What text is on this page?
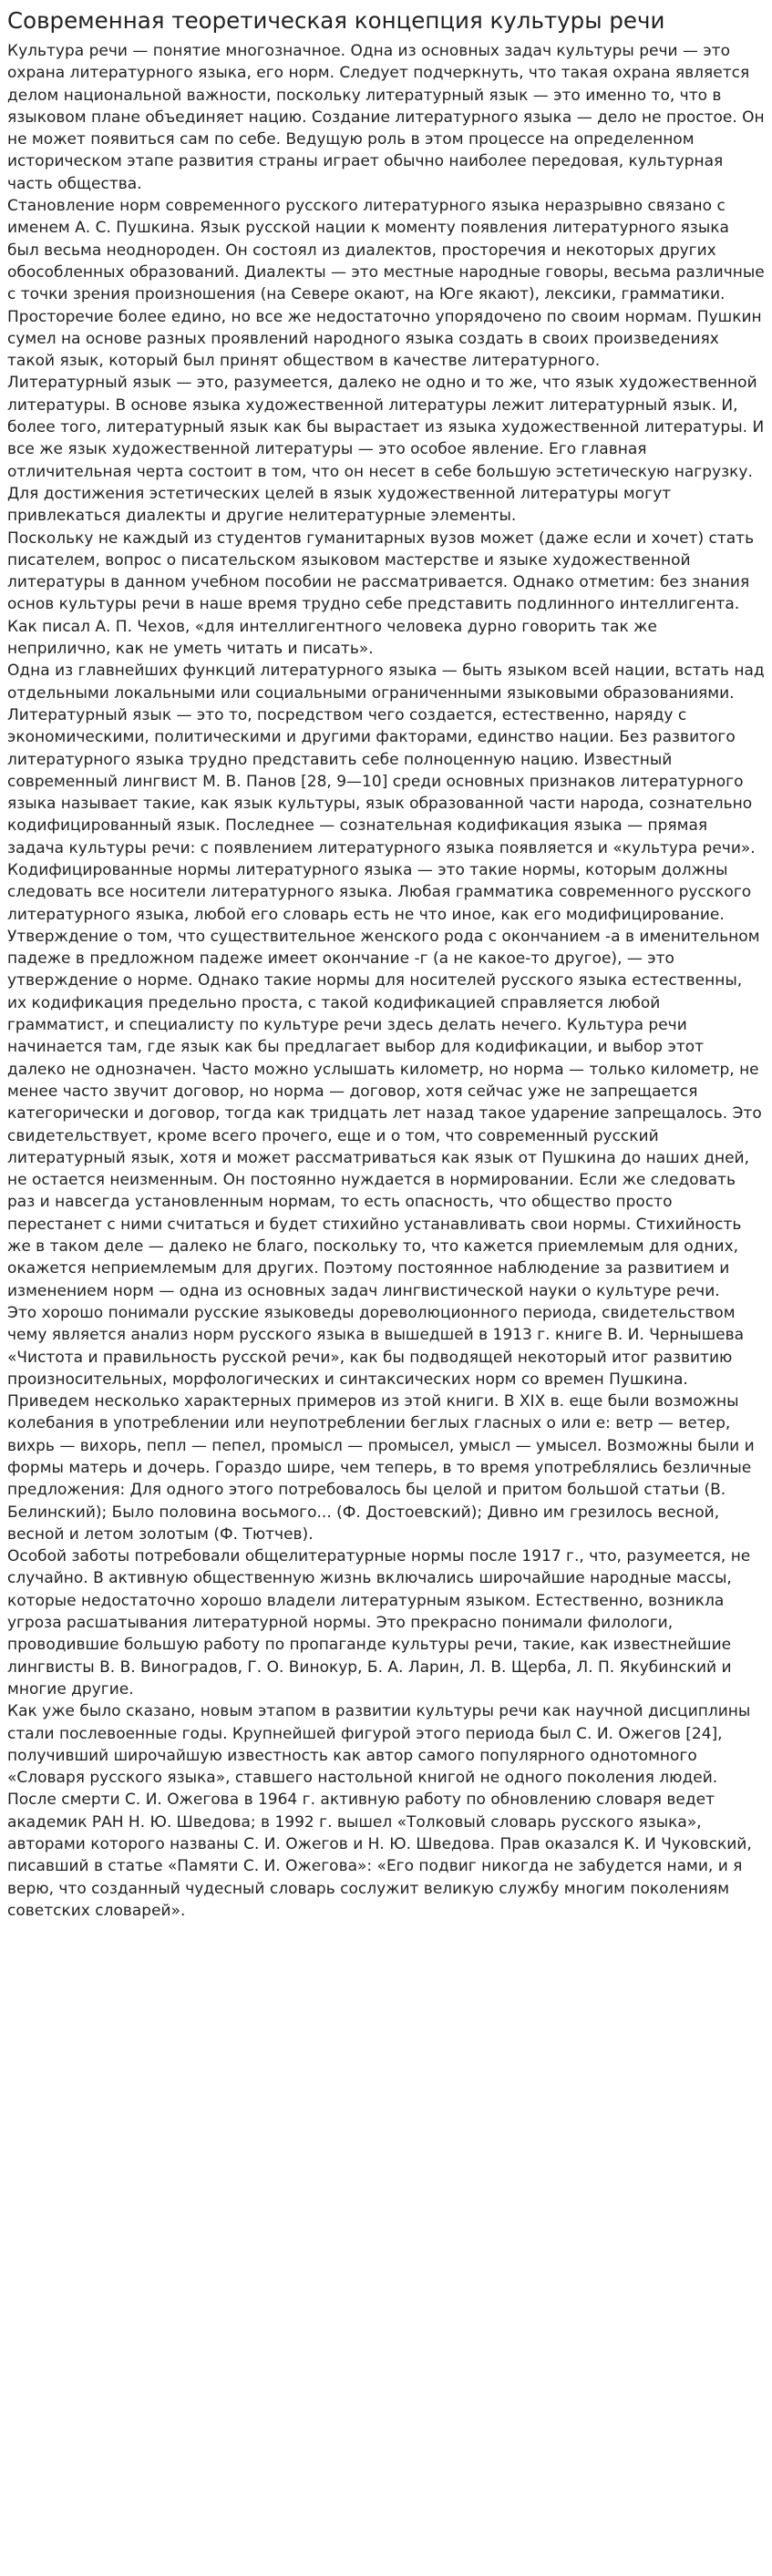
Современная теоретическая концепция культуры речи

Культура речи — понятие многозначное. Одна из основных задач культуры речи — это охрана литературного языка, его норм. Следует подчеркнуть, что такая охрана является делом национальной важности, поскольку литературный язык — это именно то, что в языковом плане объединяет нацию. Создание литературного языка — дело не простое. Он не может появиться сам по себе. Ведущую роль в этом процессе на определенном историческом этапе развития страны играет обычно наиболее передовая, культурная часть общества.

Становление норм современного русского литературного языка неразрывно связано с именем А. С. Пушкина. Язык русской нации к моменту появления литературного языка был весьма неоднороден. Он состоял из диалектов, просторечия и некоторых других обособленных образований. Диалекты — это местные народные говоры, весьма различные с точки зрения произношения (на Севере окают, на Юге якают), лексики, грамматики. Просторечие более едино, но все же недостаточно упорядочено по своим нормам. Пушкин сумел на основе разных проявлений народного языка создать в своих произведениях такой язык, который был принят обществом в качестве литературного.

Литературный язык — это, разумеется, далеко не одно и то же, что язык художественной литературы. В основе языка художественной литературы лежит литературный язык. И, более того, литературный язык как бы вырастает из языка художественной литературы. И все же язык художественной литературы — это особое явление. Его главная отличительная черта состоит в том, что он несет в себе большую эстетическую нагрузку. Для достижения эстетических целей в язык художественной литературы могут привлекаться диалекты и другие нелитературные элементы.

Поскольку не каждый из студентов гуманитарных вузов может (даже если и хочет) стать писателем, вопрос о писательском языковом мастерстве и языке художественной литературы в данном учебном пособии не рассматривается. Однако отметим: без знания основ культуры речи в наше время трудно себе представить подлинного интеллигента. Как писал А. П. Чехов, «для интеллигентного человека дурно говорить так же неприлично, как не уметь читать и писать».

Одна из главнейших функций литературного языка — быть языком всей нации, встать над отдельными локальными или социальными ограниченными языковыми образованиями. Литературный язык — это то, посредством чего создается, естественно, наряду с экономическими, политическими и другими факторами, единство нации. Без развитого литературного языка трудно представить себе полноценную нацию. Известный современный лингвист М. В. Панов [28, 9—10] среди основных признаков литературного языка называет такие, как язык культуры, язык образованной части народа, сознательно кодифицированный язык. Последнее — сознательная кодификация языка — прямая задача культуры речи: с появлением литературного языка появляется и «культура речи».

Кодифицированные нормы литературного языка — это такие нормы, которым должны следовать все носители литературного языка. Любая грамматика современного русского литературного языка, любой его словарь есть не что иное, как его модифицирование. Утверждение о том, что существительное женского рода с окончанием -а в именительном падеже в предложном падеже имеет окончание -г (а не какое-то другое), — это утверждение о норме. Однако такие нормы для носителей русского языка естественны, их кодификация предельно проста, с такой кодификацией справляется любой грамматист, и специалисту по культуре речи здесь делать нечего. Культура речи начинается там, где язык как бы предлагает выбор для кодификации, и выбор этот далеко не однозначен. Часто можно услышать километр, но норма — только километр, не менее часто звучит договор, но норма — договор, хотя сейчас уже не запрещается категорически и договор, тогда как тридцать лет назад такое ударение запрещалось. Это свидетельствует, кроме всего прочего, еще и о том, что современный русский литературный язык, хотя и может рассматриваться как язык от Пушкина до наших дней, не остается неизменным. Он постоянно нуждается в нормировании. Если же следовать раз и навсегда установленным нормам, то есть опасность, что общество просто перестанет с ними считаться и будет стихийно устанавливать свои нормы. Стихийность же в таком деле — далеко не благо, поскольку то, что кажется приемлемым для одних, окажется неприемлемым для других. Поэтому постоянное наблюдение за развитием и изменением норм — одна из основных задач лингвистической науки о культуре речи.

Это хорошо понимали русские языковеды дореволюционного периода, свидетельством чему является анализ норм русского языка в вышедшей в 1913 г. книге В. И. Чернышева «Чистота и правильность русской речи», как бы подводящей некоторый итог развитию произносительных, морфологических и синтаксических норм со времен Пушкина. Приведем несколько характерных примеров из этой книги. В XIX в. еще были возможны колебания в употреблении или неупотреблении беглых гласных о или е: ветр — ветер, вихрь — вихорь, пепл — пепел, промысл — промысел, умысл — умысел. Возможны были и формы матерь и дочерь. Гораздо шире, чем теперь, в то время употреблялись безличные предложения: Для одного этого потребовалось бы целой и притом большой статьи (В. Белинский); Было половина восьмого... (Ф. Достоевский); Дивно им грезилось весной, весной и летом золотым (Ф. Тютчев).

Особой заботы потребовали общелитературные нормы после 1917 г., что, разумеется, не случайно. В активную общественную жизнь включались широчайшие народные массы, которые недостаточно хорошо владели литературным языком. Естественно, возникла угроза расшатывания литературной нормы. Это прекрасно понимали филологи, проводившие большую работу по пропаганде культуры речи, такие, как известнейшие лингвисты В. В. Виноградов, Г. О. Винокур, Б. А. Ларин, Л. В. Щерба, Л. П. Якубинский и многие другие.

Как уже было сказано, новым этапом в развитии культуры речи как научной дисциплины стали послевоенные годы. Крупнейшей фигурой этого периода был С. И. Ожегов [24], получивший широчайшую известность как автор самого популярного однотомного «Словаря русского языка», ставшего настольной книгой не одного поколения людей. После смерти С. И. Ожегова в 1964 г. активную работу по обновлению словаря ведет академик РАН Н. Ю. Шведова; в 1992 г. вышел «Толковый словарь русского языка», авторами которого названы С. И. Ожегов и Н. Ю. Шведова. Прав оказался К. И Чуковский, писавший в статье «Памяти С. И. Ожегова»: «Его подвиг никогда не забудется нами, и я верю, что созданный чудесный словарь сослужит великую службу многим поколениям советских словарей».
